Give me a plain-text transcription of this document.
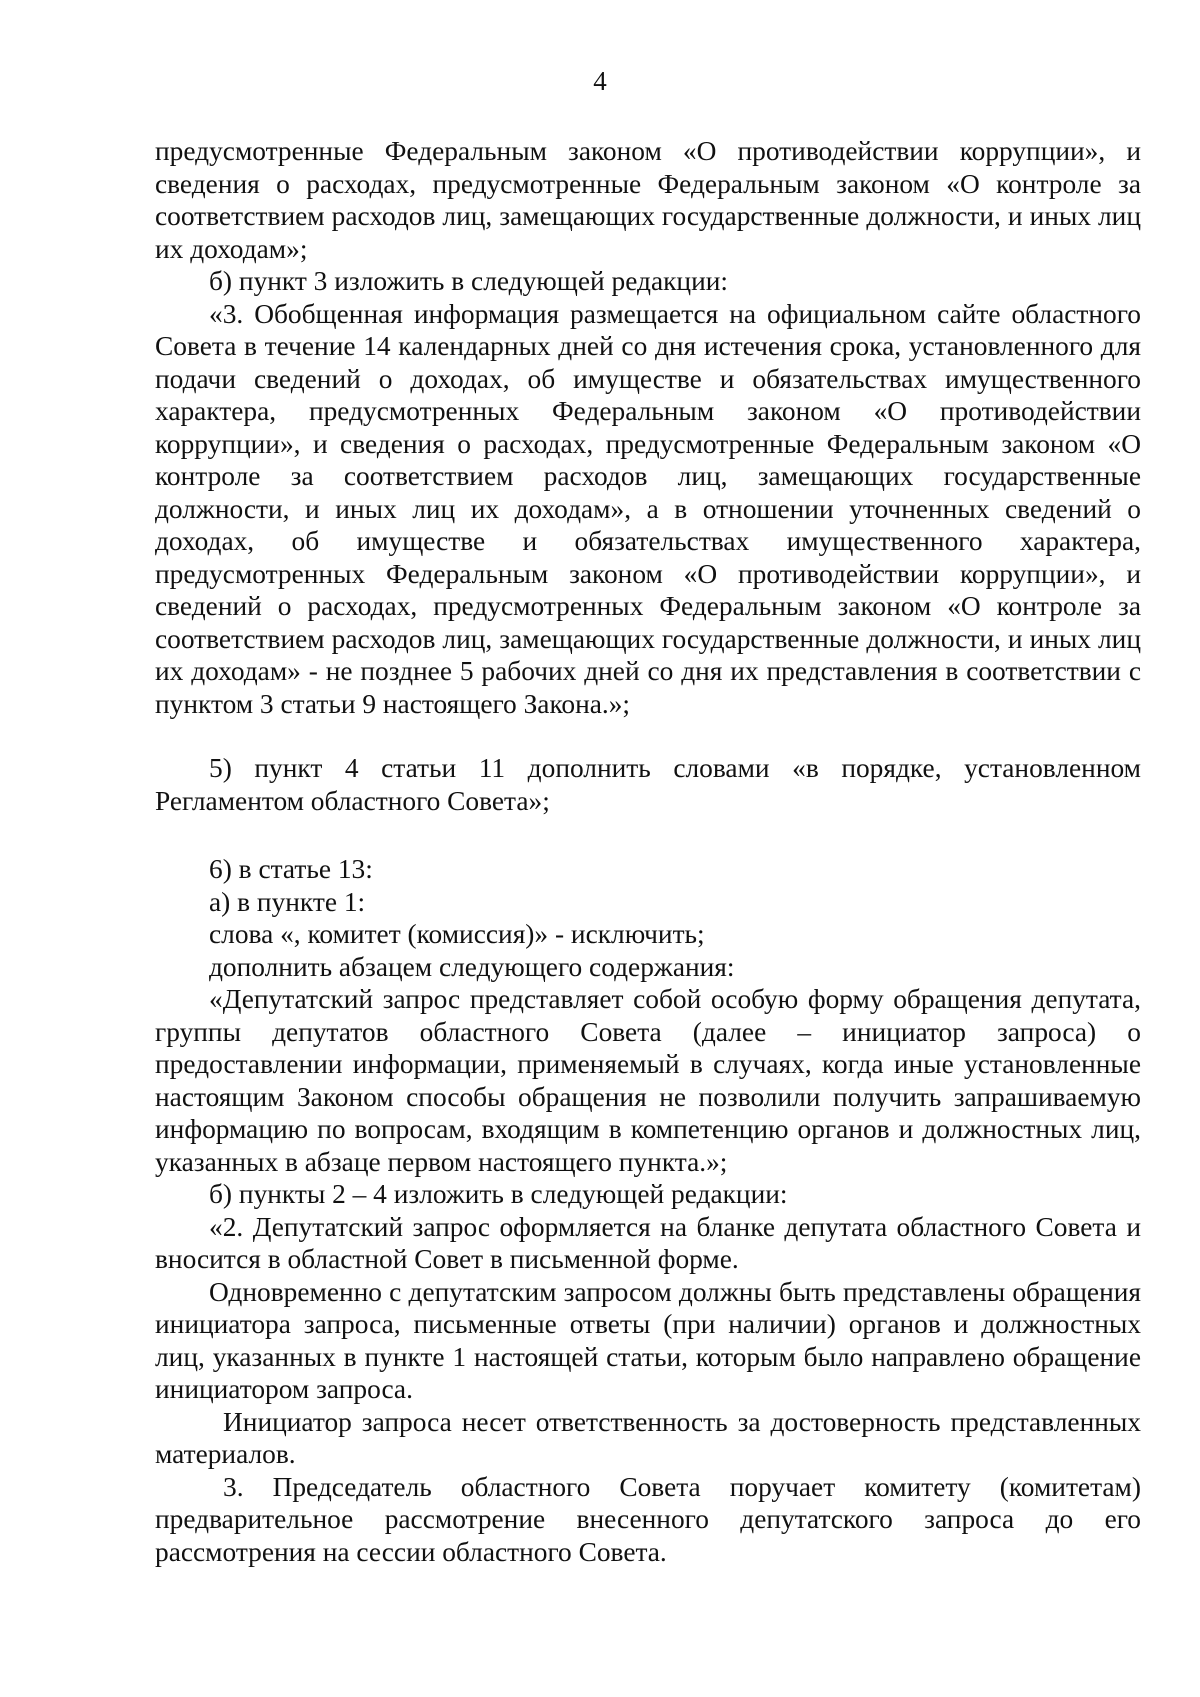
4

предусмотренные Федеральным законом «О противодействии коррупции», и сведения о расходах, предусмотренные Федеральным законом «О контроле за соответствием расходов лиц, замещающих государственные должности, и иных лиц их доходам»;

б) пункт 3 изложить в следующей редакции:

«3. Обобщенная информация размещается на официальном сайте областного Совета в течение 14 календарных дней со дня истечения срока, установленного для подачи сведений о доходах, об имуществе и обязательствах имущественного характера, предусмотренных Федеральным законом «О противодействии коррупции», и сведения о расходах, предусмотренные Федеральным законом «О контроле за соответствием расходов лиц, замещающих государственные должности, и иных лиц их доходам», а в отношении уточненных сведений о доходах, об имуществе и обязательствах имущественного характера, предусмотренных Федеральным законом «О противодействии коррупции», и сведений о расходах, предусмотренных Федеральным законом «О контроле за соответствием расходов лиц, замещающих государственные должности, и иных лиц их доходам» - не позднее 5 рабочих дней со дня их представления в соответствии с пунктом 3 статьи 9 настоящего Закона.»;

5) пункт 4 статьи 11 дополнить словами «в порядке, установленном Регламентом областного Совета»;

6) в статье 13:

а) в пункте 1:

слова «, комитет (комиссия)» - исключить;

дополнить абзацем следующего содержания:

«Депутатский запрос представляет собой особую форму обращения депутата, группы депутатов областного Совета (далее – инициатор запроса) о предоставлении информации, применяемый в случаях, когда иные установленные настоящим Законом способы обращения не позволили получить запрашиваемую информацию по вопросам, входящим в компетенцию органов и должностных лиц, указанных в абзаце первом настоящего пункта.»;

б) пункты 2 – 4 изложить в следующей редакции:

«2. Депутатский запрос оформляется на бланке депутата областного Совета и вносится в областной Совет в письменной форме.

Одновременно с депутатским запросом должны быть представлены обращения инициатора запроса, письменные ответы (при наличии) органов и должностных лиц, указанных в пункте 1 настоящей статьи, которым было направлено обращение инициатором запроса.

Инициатор запроса несет ответственность за достоверность представленных материалов.

3. Председатель областного Совета поручает комитету (комитетам) предварительное рассмотрение внесенного депутатского запроса до его рассмотрения на сессии областного Совета.
